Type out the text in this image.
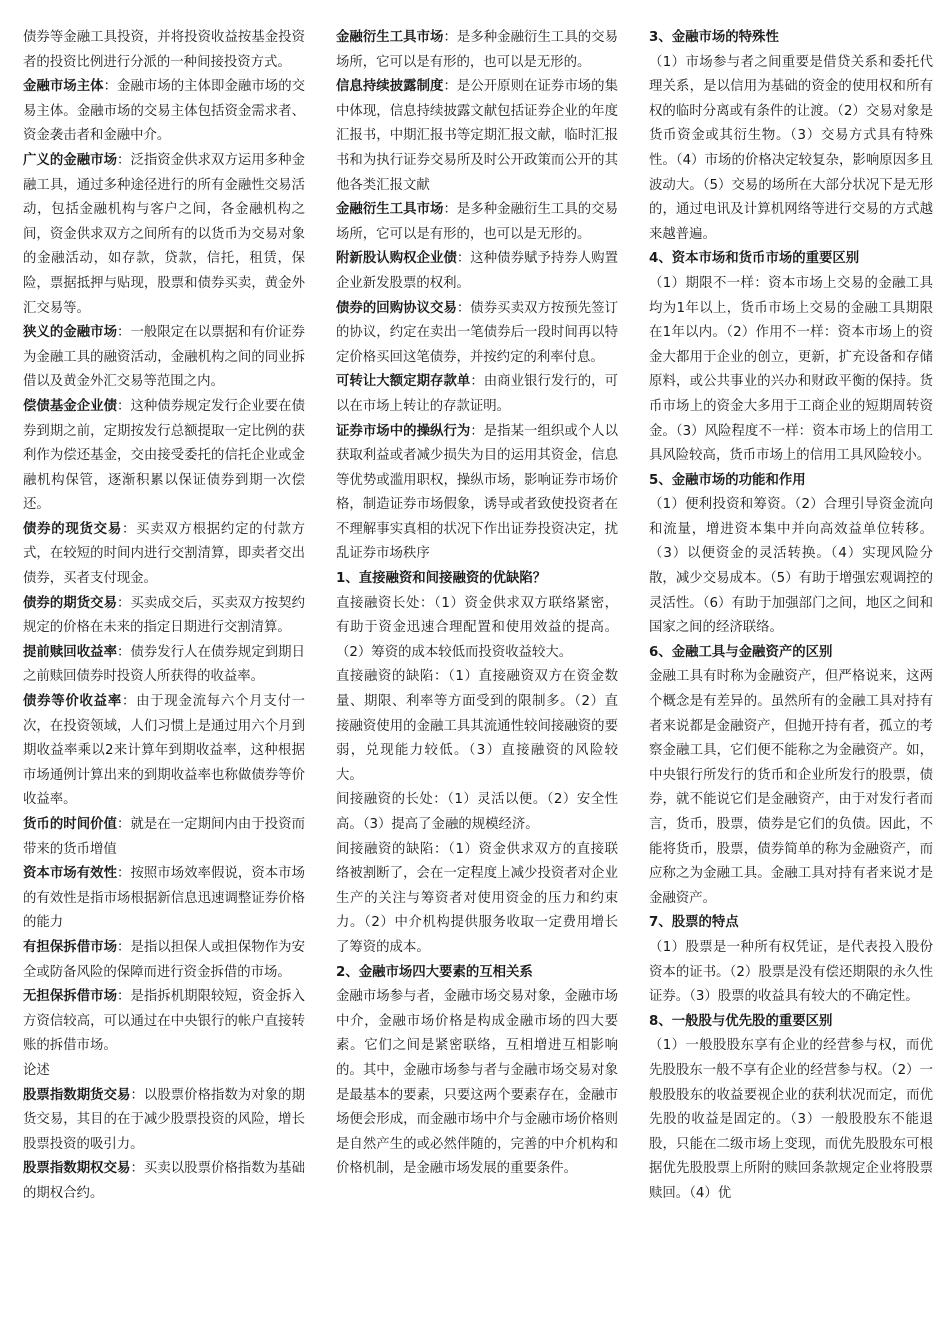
债券等金融工具投资，并将投资收益按基金投资者的投资比例进行分派的一种间接投资方式。

金融市场主体：金融市场的主体即金融市场的交易主体。金融市场的交易主体包括资金需求者、资金袭击者和金融中介。

广义的金融市场：泛指资金供求双方运用多种金融工具，通过多种途径进行的所有金融性交易活动，包括金融机构与客户之间，各金融机构之间，资金供求双方之间所有的以货币为交易对象的金融活动，如存款，贷款，信托，租赁，保险，票据抵押与贴现，股票和债券买卖，黄金外汇交易等。

狭义的金融市场：一般限定在以票据和有价证券为金融工具的融资活动，金融机构之间的同业拆借以及黄金外汇交易等范围之内。

偿债基金企业债：这种债券规定发行企业要在债券到期之前，定期按发行总额提取一定比例的获利作为偿还基金，交由接受委托的信托企业或金融机构保管，逐渐积累以保证债券到期一次偿还。

债券的现货交易：买卖双方根据约定的付款方式，在较短的时间内进行交割清算，即卖者交出债券，买者支付现金。

债券的期货交易：买卖成交后，买卖双方按契约规定的价格在未来的指定日期进行交割清算。

提前赎回收益率：债券发行人在债券规定到期日之前赎回债券时投资人所获得的收益率。

债券等价收益率：由于现金流每六个月支付一次，在投资领域，人们习惯上是通过用六个月到期收益率乘以2来计算年到期收益率，这种根据市场通例计算出来的到期收益率也称做债券等价收益率。

货币的时间价值：就是在一定期间内由于投资而带来的货币增值

资本市场有效性：按照市场效率假说，资本市场的有效性是指市场根据新信息迅速调整证券价格的能力

有担保拆借市场：是指以担保人或担保物作为安全或防备风险的保障而进行资金拆借的市场。

无担保拆借市场：是指拆机期限较短，资金拆入方资信较高，可以通过在中央银行的帐户直接转账的拆借市场。

论述

股票指数期货交易：以股票价格指数为对象的期货交易，其目的在于减少股票投资的风险，增长股票投资的吸引力。

股票指数期权交易：买卖以股票价格指数为基础的期权合约。

金融衍生工具市场：是多种金融衍生工具的交易场所，它可以是有形的，也可以是无形的。

信息持续披露制度：是公开原则在证券市场的集中体现，信息持续披露文献包括证券企业的年度汇报书，中期汇报书等定期汇报文献，临时汇报书和为执行证券交易所及时公开政策而公开的其他各类汇报文献

金融衍生工具市场：是多种金融衍生工具的交易场所，它可以是有形的，也可以是无形的。

附新股认购权企业债：这种债券赋予持券人购置企业新发股票的权利。

债券的回购协议交易：债券买卖双方按预先签订的协议，约定在卖出一笔债券后一段时间再以特定价格买回这笔债券，并按约定的利率付息。

可转让大额定期存款单：由商业银行发行的，可以在市场上转让的存款证明。

证券市场中的操纵行为：是指某一组织或个人以获取利益或者减少损失为目的运用其资金，信息等优势或滥用职权，操纵市场，影响证券市场价格，制造证券市场假象，诱导或者致使投资者在不理解事实真相的状况下作出证券投资决定，扰乱证券市场秩序

1、直接融资和间接融资的优缺陷？

直接融资长处：（1）资金供求双方联络紧密，有助于资金迅速合理配置和使用效益的提高。（2）筹资的成本较低而投资收益较大。

直接融资的缺陷：（1）直接融资双方在资金数量、期限、利率等方面受到的限制多。（2）直接融资使用的金融工具其流通性较间接融资的要弱，兑现能力较低。（3）直接融资的风险较大。

间接融资的长处：（1）灵活以便。（2）安全性高。（3）提高了金融的规模经济。

间接融资的缺陷：（1）资金供求双方的直接联络被割断了，会在一定程度上减少投资者对企业生产的关注与筹资者对使用资金的压力和约束力。（2）中介机构提供服务收取一定费用增长了筹资的成本。

2、金融市场四大要素的互相关系

金融市场参与者，金融市场交易对象，金融市场中介，金融市场价格是构成金融市场的四大要素。它们之间是紧密联络，互相增进互相影响的。其中，金融市场参与者与金融市场交易对象是最基本的要素，只要这两个要素存在，金融市场便会形成，而金融市场中介与金融市场价格则是自然产生的或必然伴随的，完善的中介机构和价格机制，是金融市场发展的重要条件。

3、金融市场的特殊性

（1）市场参与者之间重要是借贷关系和委托代理关系，是以信用为基础的资金的使用权和所有权的临时分离或有条件的让渡。（2）交易对象是货币资金或其衍生物。（3）交易方式具有特殊性。（4）市场的价格决定较复杂，影响原因多且波动大。（5）交易的场所在大部分状况下是无形的，通过电讯及计算机网络等进行交易的方式越来越普遍。

4、资本市场和货币市场的重要区别

（1）期限不一样：资本市场上交易的金融工具均为1年以上，货币市场上交易的金融工具期限在1年以内。（2）作用不一样：资本市场上的资金大都用于企业的创立，更新，扩充设备和存储原料，或公共事业的兴办和财政平衡的保持。货币市场上的资金大多用于工商企业的短期周转资金。（3）风险程度不一样：资本市场上的信用工具风险较高，货币市场上的信用工具风险较小。

5、金融市场的功能和作用

（1）便利投资和筹资。（2）合理引导资金流向和流量，增进资本集中并向高效益单位转移。（3）以便资金的灵活转换。（4）实现风险分散，减少交易成本。（5）有助于增强宏观调控的灵活性。（6）有助于加强部门之间，地区之间和国家之间的经济联络。

6、金融工具与金融资产的区别

金融工具有时称为金融资产，但严格说来，这两个概念是有差异的。虽然所有的金融工具对持有者来说都是金融资产，但抛开持有者，孤立的考察金融工具，它们便不能称之为金融资产。如，中央银行所发行的货币和企业所发行的股票，债券，就不能说它们是金融资产，由于对发行者而言，货币，股票，债券是它们的负债。因此，不能将货币，股票，债券简单的称为金融资产，而应称之为金融工具。金融工具对持有者来说才是金融资产。

7、股票的特点

（1）股票是一种所有权凭证，是代表投入股份资本的证书。（2）股票是没有偿还期限的永久性证券。（3）股票的收益具有较大的不确定性。

8、一般股与优先股的重要区别

（1）一般股股东享有企业的经营参与权，而优先股股东一般不享有企业的经营参与权。（2）一般股股东的收益要视企业的获利状况而定，而优先股的收益是固定的。（3）一般股股东不能退股，只能在二级市场上变现，而优先股股东可根据优先股股票上所附的赎回条款规定企业将股票赎回。（4）优
